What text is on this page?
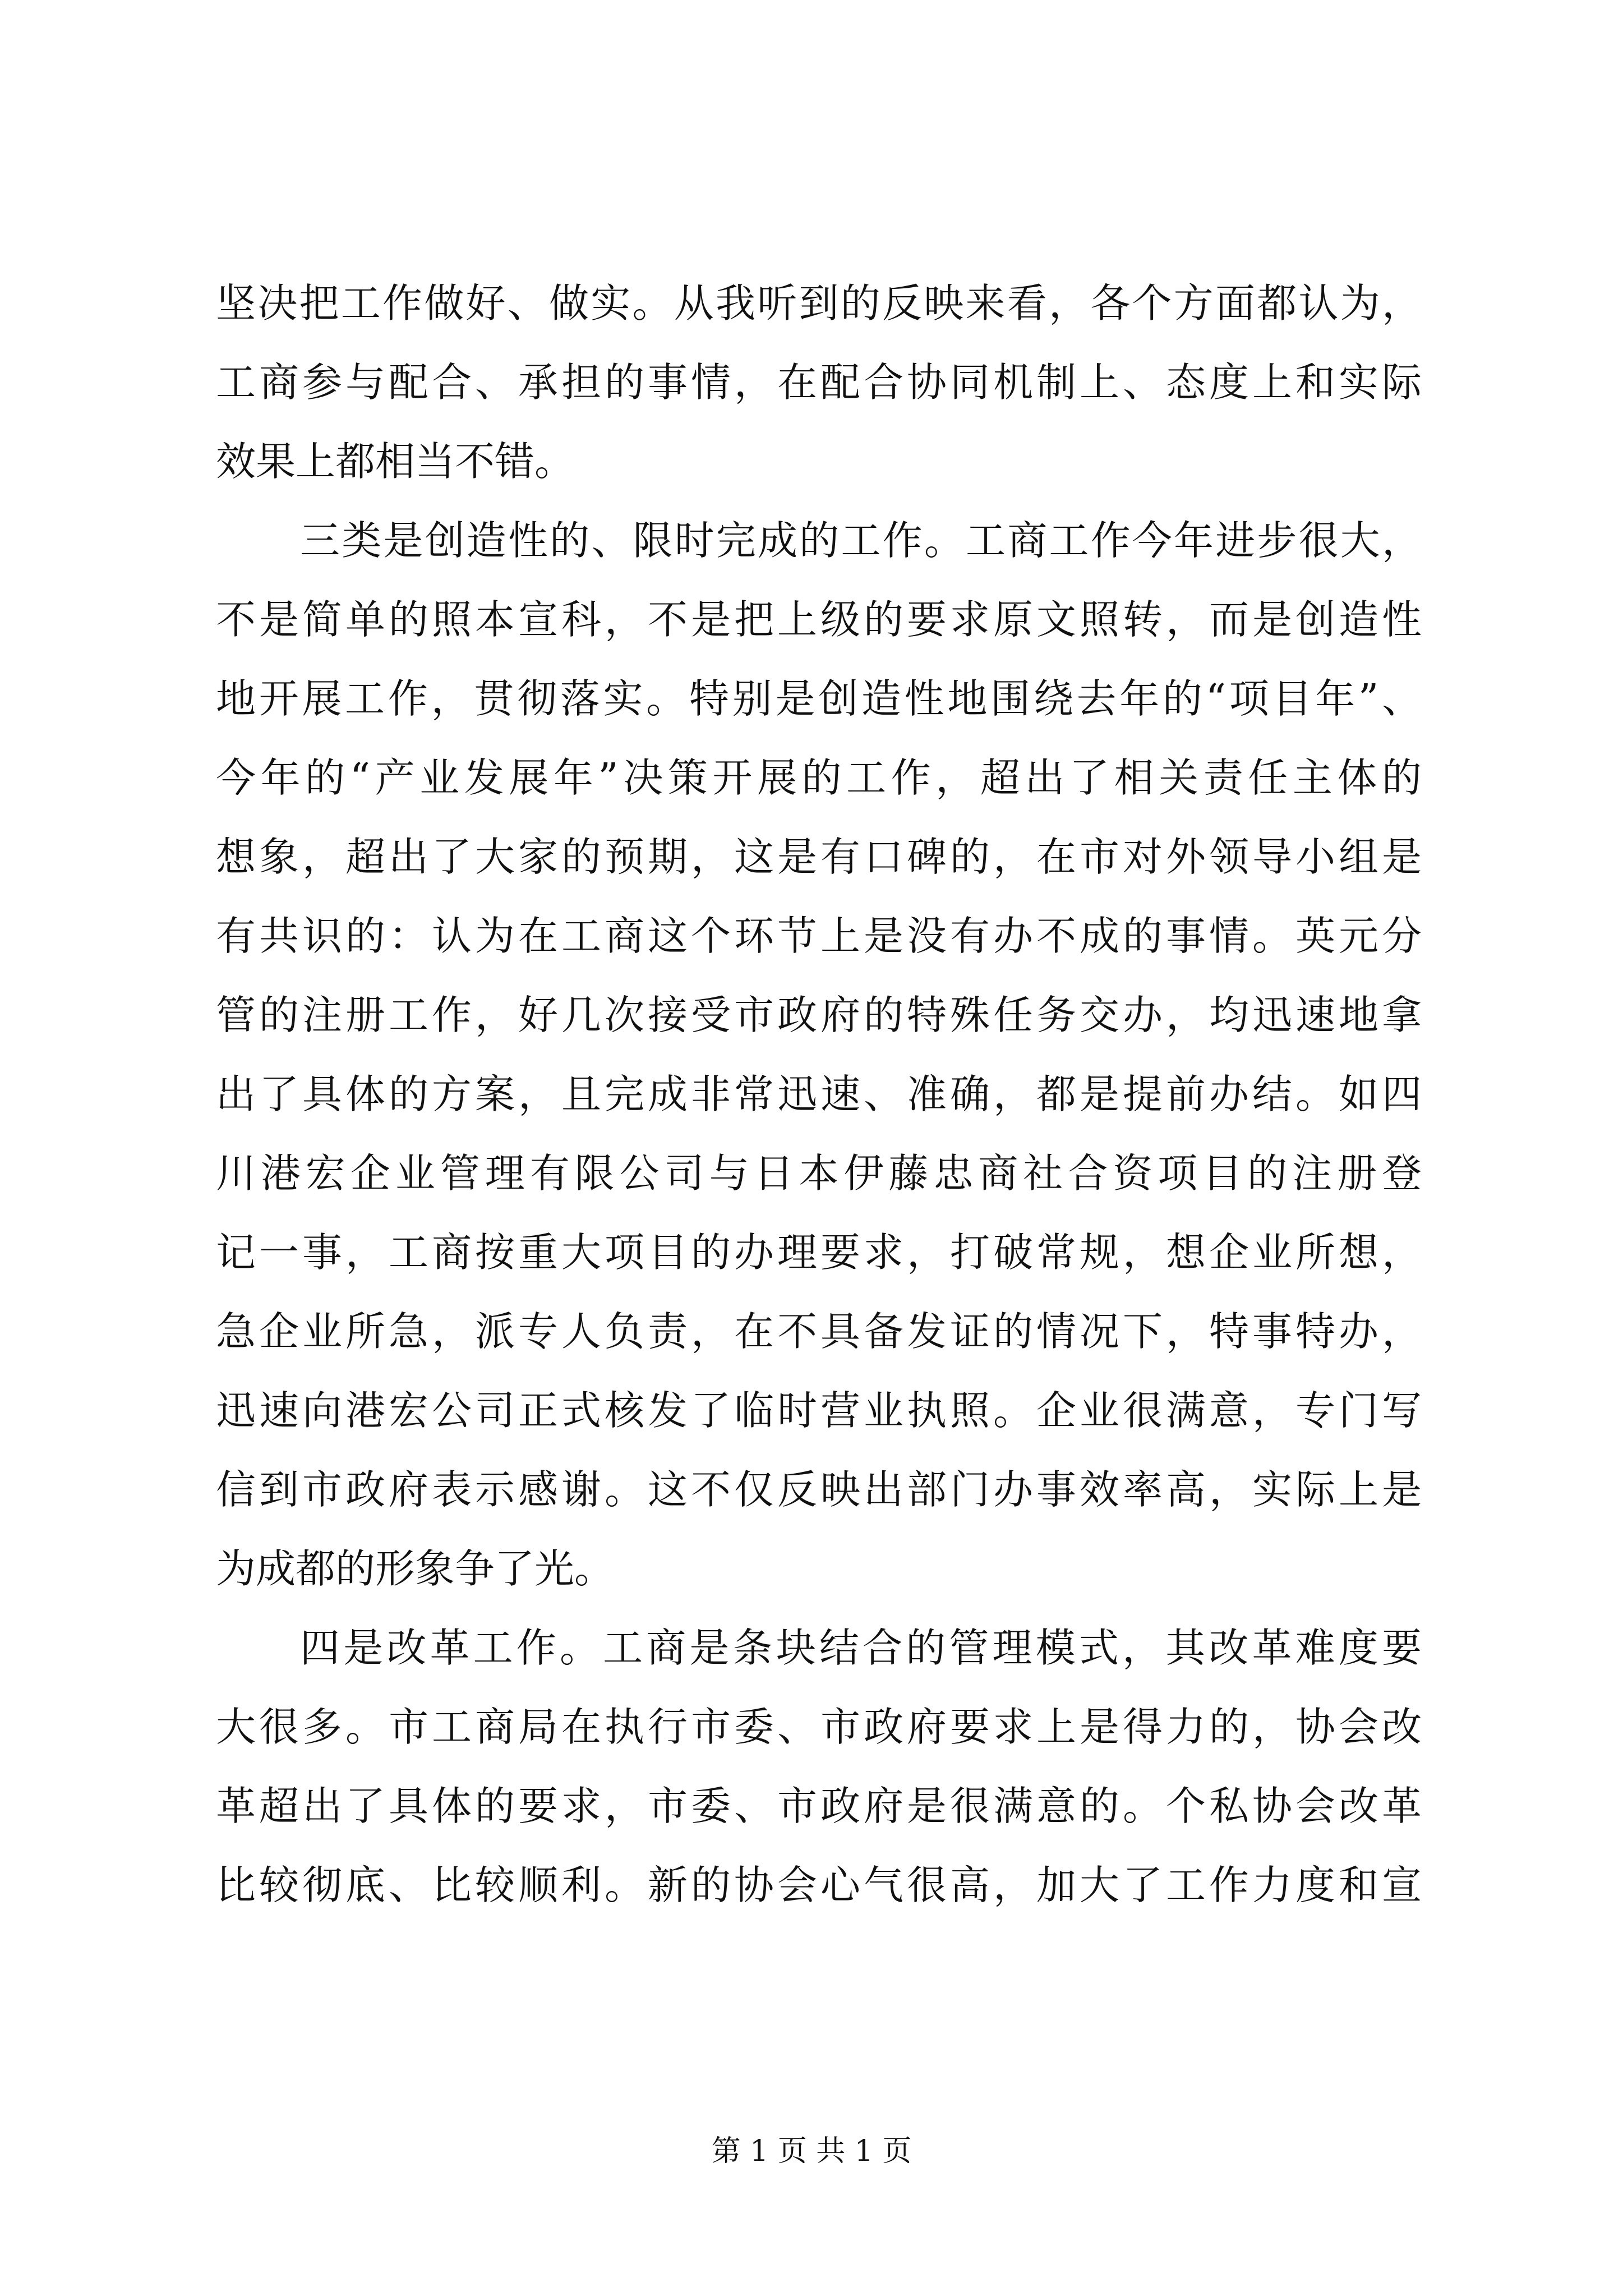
坚决把工作做好、做实。从我听到的反映来看，各个方面都认为，
工商参与配合、承担的事情，在配合协同机制上、态度上和实际
效果上都相当不错。
三类是创造性的、限时完成的工作。工商工作今年进步很大，
不是简单的照本宣科，不是把上级的要求原文照转，而是创造性
地开展工作，贯彻落实。特别是创造性地围绕去年的“项目年”、
今年的“产业发展年”决策开展的工作，超出了相关责任主体的
想象，超出了大家的预期，这是有口碑的，在市对外领导小组是
有共识的：认为在工商这个环节上是没有办不成的事情。英元分
管的注册工作，好几次接受市政府的特殊任务交办，均迅速地拿
出了具体的方案，且完成非常迅速、准确，都是提前办结。如四
川港宏企业管理有限公司与日本伊藤忠商社合资项目的注册登
记一事，工商按重大项目的办理要求，打破常规，想企业所想，
急企业所急，派专人负责，在不具备发证的情况下，特事特办，
迅速向港宏公司正式核发了临时营业执照。企业很满意，专门写
信到市政府表示感谢。这不仅反映出部门办事效率高，实际上是
为成都的形象争了光。
四是改革工作。工商是条块结合的管理模式，其改革难度要
大很多。市工商局在执行市委、市政府要求上是得力的，协会改
革超出了具体的要求，市委、市政府是很满意的。个私协会改革
比较彻底、比较顺利。新的协会心气很高，加大了工作力度和宣
第 1 页 共 1 页
